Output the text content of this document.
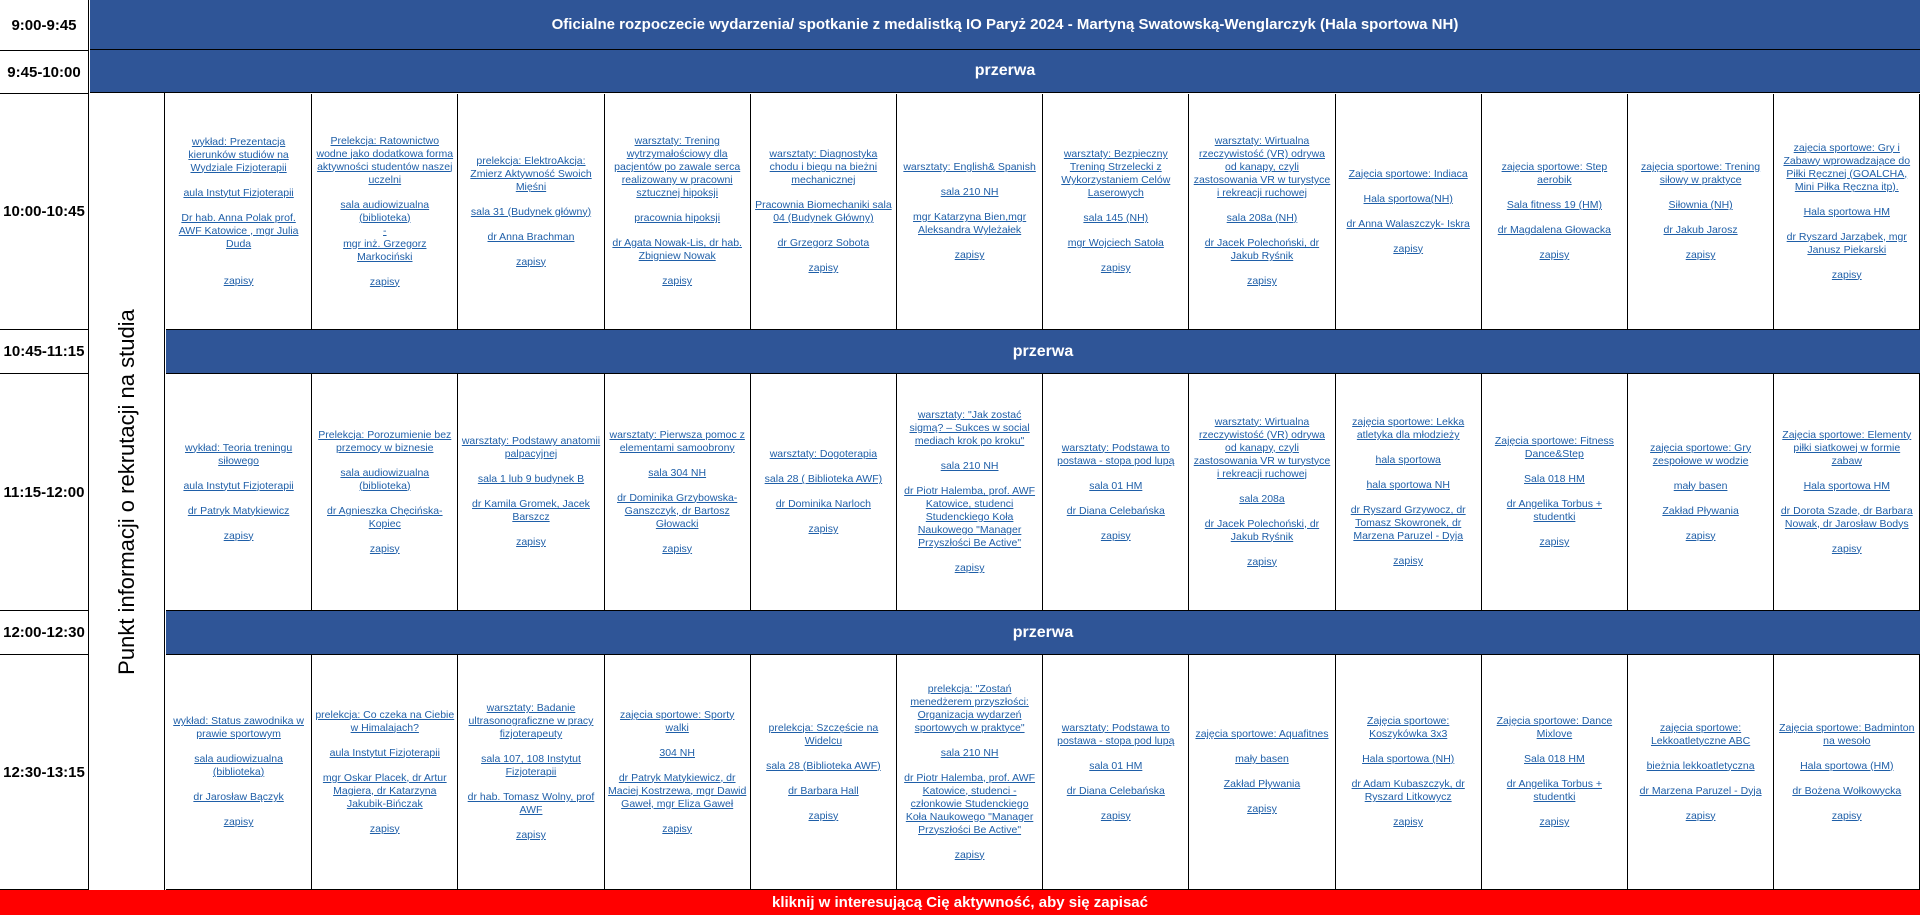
9:00-9:45
9:45-10:00
10:00-10:45
10:45-11:15
11:15-12:00
12:00-12:30
12:30-13:15
Oficialne rozpoczecie wydarzenia/ spotkanie z medalistką IO Paryż 2024 - Martyną Swatowską-Wenglarczyk (Hala sportowa NH)
przerwa
przerwa
przerwa
Punkt informacji o rekrutacji na studia

wykład: Prezentacja kierunków studiów na Wydziale Fizjoterapii

aula Instytut Fizjoterapii

Dr hab. Anna Polak prof. AWF Katowice , mgr Julia Duda

zapisy

Prelekcja: Ratownictwo wodne jako dodatkowa forma aktywności studentów naszej uczelni

sala audiowizualna (biblioteka)

-

mgr inż. Grzegorz Markociński

zapisy

prelekcja: ElektroAkcja: Zmierz Aktywność Swoich Mięśni

sala 31 (Budynek główny)

dr Anna Brachman

zapisy

warsztaty: Trening wytrzymałościowy dla pacjentów po zawale serca realizowany w pracowni sztucznej hipoksji

pracownia hipoksji

dr Agata Nowak-Lis, dr hab. Zbigniew Nowak

zapisy

warsztaty: Diagnostyka chodu i biegu na bieżni mechanicznej

Pracownia Biomechaniki sala 04 (Budynek Główny)

dr Grzegorz Sobota

zapisy

warsztaty: English& Spanish

sala 210 NH

mgr Katarzyna Bien,mgr Aleksandra Wyleżałek

zapisy

warsztaty: Bezpieczny Trening Strzelecki z Wykorzystaniem Celów Laserowych

sala 145 (NH)

mgr Wojciech Satoła

zapisy

warsztaty: Wirtualna rzeczywistość (VR) odrywa od kanapy, czyli zastosowania VR w turystyce i rekreacji ruchowej

sala 208a (NH)

dr Jacek Polechoński, dr Jakub Ryśnik

zapisy

Zajęcia sportowe: Indiaca

Hala sportowa(NH)

dr Anna Walaszczyk- Iskra

zapisy

zajęcia sportowe: Step aerobik

Sala fitness 19 (HM)

dr Magdalena Głowacka

zapisy

zajęcia sportowe: Trening siłowy w praktyce

Siłownia (NH)

dr Jakub Jarosz

zapisy

zajęcia sportowe: Gry i Zabawy wprowadzające do Piłki Ręcznej (GOALCHA, Mini Piłka Ręczna itp).

Hala sportowa HM

dr Ryszard Jarząbek, mgr Janusz Piekarski

zapisy

wykład: Teoria treningu siłowego

aula Instytut Fizjoterapii

dr Patryk Matykiewicz

zapisy

Prelekcja: Porozumienie bez przemocy w biznesie

sala audiowizualna (biblioteka)

dr Agnieszka Chęcińska-Kopiec

zapisy

warsztaty: Podstawy anatomii palpacyjnej

sala 1 lub 9 budynek B

dr Kamila Gromek, Jacek Barszcz

zapisy

warsztaty: Pierwsza pomoc z elementami samoobrony

sala 304 NH

dr Dominika Grzybowska-Ganszczyk, dr Bartosz Głowacki

zapisy

warsztaty: Dogoterapia

sala 28 ( Biblioteka AWF)

dr Dominika Narloch

zapisy

warsztaty: "Jak zostać sigmą? – Sukces w social mediach krok po kroku"

sala 210 NH

dr Piotr Halemba, prof. AWF Katowice, studenci Studenckiego Koła Naukowego "Manager Przyszłości Be Active"

zapisy

warsztaty: Podstawa to postawa - stopa pod lupą

sala 01 HM

dr Diana Celebańska

zapisy

warsztaty: Wirtualna rzeczywistość (VR) odrywa od kanapy, czyli zastosowania VR w turystyce i rekreacji ruchowej

sala 208a

dr Jacek Polechoński, dr Jakub Ryśnik

zapisy

zajęcia sportowe: Lekka atletyka dla młodzieży

hala sportowa

hala sportowa NH

dr Ryszard Grzywocz, dr Tomasz Skowronek, dr Marzena Paruzel - Dyja

zapisy

Zajęcia sportowe: Fitness Dance&Step

Sala 018 HM

dr Angelika Torbus + studentki

zapisy

zajęcia sportowe: Gry zespołowe w wodzie

mały basen

Zakład Pływania

zapisy

Zajęcia sportowe: Elementy piłki siatkowej w formie zabaw

Hala sportowa HM

dr Dorota Szade, dr Barbara Nowak, dr Jarosław Bodys

zapisy

wykład: Status zawodnika w prawie sportowym

sala audiowizualna (biblioteka)

dr Jarosław Bączyk

zapisy

prelekcja: Co czeka na Ciebie w Himalajach?

aula Instytut Fizjoterapii

mgr Oskar Placek, dr Artur Magiera, dr Katarzyna Jakubik-Bińczak

zapisy

warsztaty: Badanie ultrasonograficzne w pracy fizjoterapeuty

sala 107, 108 Instytut Fizjoterapii

dr hab. Tomasz Wolny, prof AWF

zapisy

zajęcia sportowe: Sporty walki

304 NH

dr Patryk Matykiewicz, dr Maciej Kostrzewa, mgr Dawid Gaweł, mgr Eliza Gaweł

zapisy

prelekcja: Szczęście na Widelcu

sala 28 (Biblioteka AWF)

dr Barbara Hall

zapisy

prelekcja: "Zostań menedżerem przyszłości: Organizacja wydarzeń sportowych w praktyce"

sala 210 NH

dr Piotr Halemba, prof. AWF Katowice, studenci - członkowie Studenckiego Koła Naukowego "Manager Przyszłości Be Active"

zapisy

warsztaty: Podstawa to postawa - stopa pod lupą

sala 01 HM

dr Diana Celebańska

zapisy

zajęcia sportowe: Aquafitnes

mały basen

Zakład Pływania

zapisy

Zajęcia sportowe: Koszykówka 3x3

Hala sportowa (NH)

dr Adam Kubaszczyk, dr Ryszard Litkowycz

zapisy

Zajęcia sportowe: Dance Mixlove

Sala 018 HM

dr Angelika Torbus + studentki

zapisy

zajęcia sportowe: Lekkoatletyczne ABC

bieżnia lekkoatletyczna

dr Marzena Paruzel - Dyja

zapisy

Zajęcia sportowe: Badminton na wesoło

Hala sportowa (HM)

dr Bożena Wołkowycka

zapisy

kliknij w interesującą Cię aktywność, aby się zapisać
